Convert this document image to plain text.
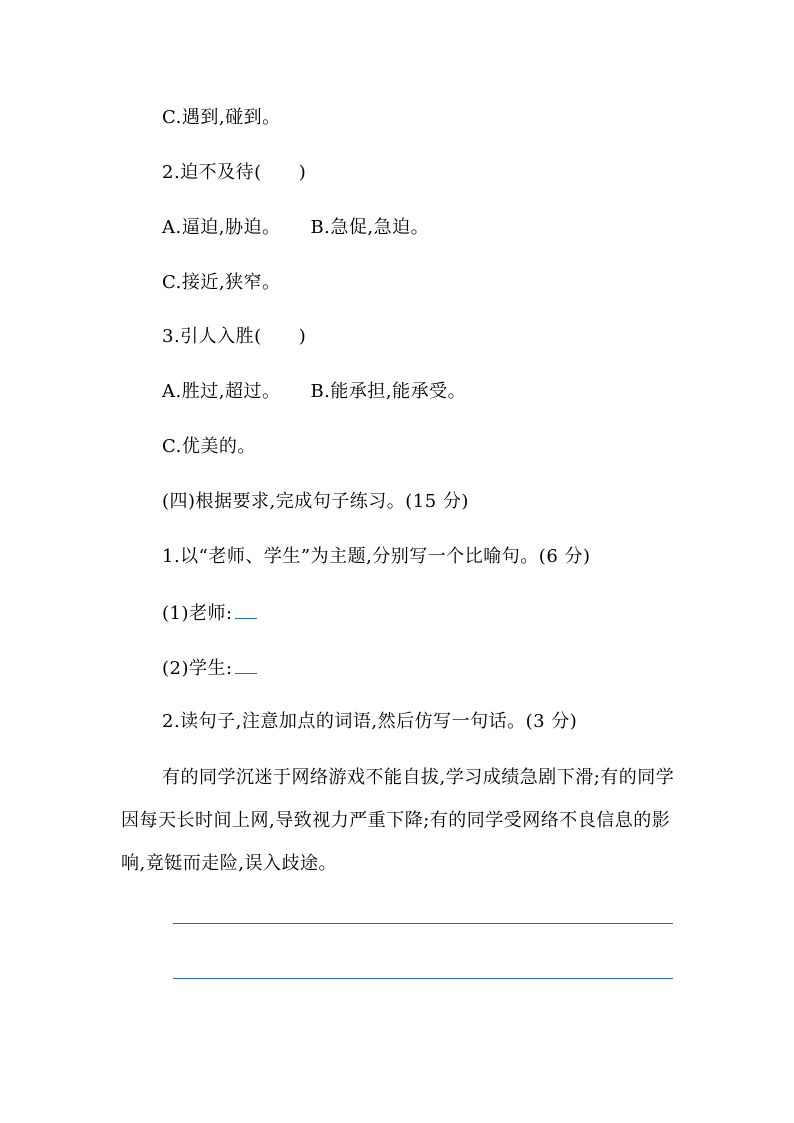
C.遇到,碰到。
2.迫不及待(　　)
A.逼迫,胁迫。 B.急促,急迫。
C.接近,狭窄。
3.引人入胜(　　)
A.胜过,超过。 B.能承担,能承受。
C.优美的。
(四)根据要求,完成句子练习。(15 分)
1.以“老师、学生”为主题,分别写一个比喻句。(6 分)
(1)老师:
(2)学生:
2.读句子,注意加点的词语,然后仿写一句话。(3 分)
有的同学沉迷于网络游戏不能自拔,学习成绩急剧下滑;有的同学因每天长时间上网,导致视力严重下降;有的同学受网络不良信息的影响,竟铤而走险,误入歧途。
